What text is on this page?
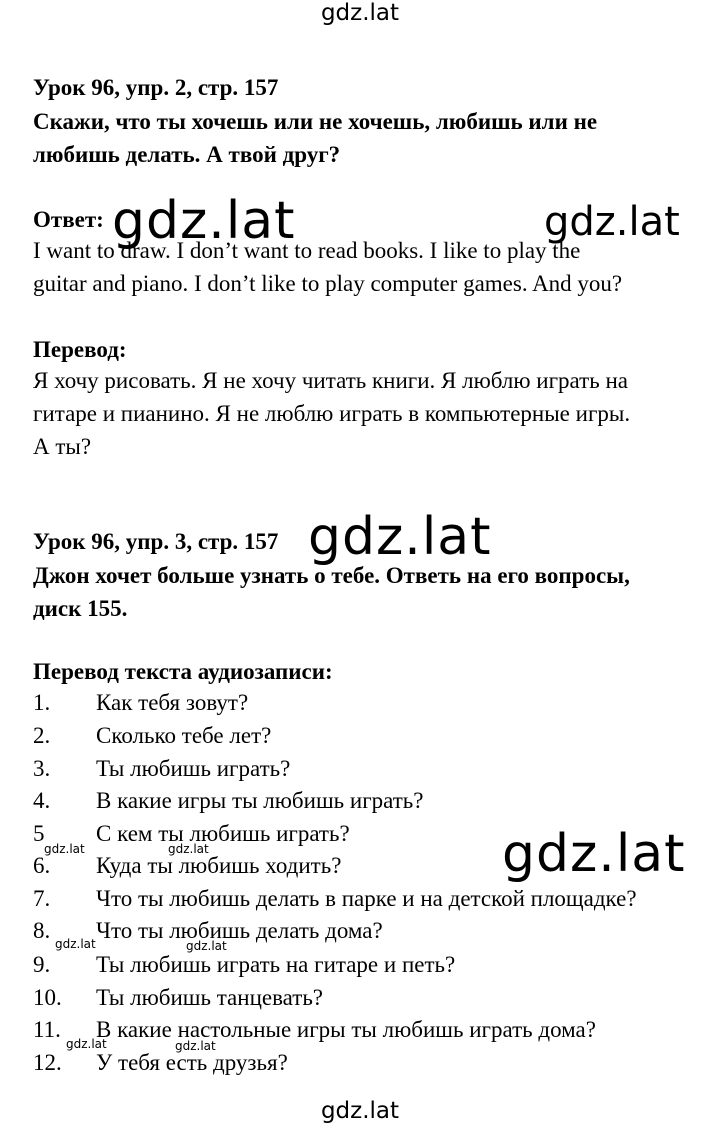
gdz.lat
gdz.lat	gdz.lat
gdz.lat
gdz.lat
gdz.lat	gdz.lat
gdz.lat	gdz.lat
gdz.lat	gdz.lat
gdz.lat
Урок 96, упр. 2, стр. 157
Скажи, что ты хочешь или не хочешь, любишь или не
любишь делать. А твой друг?
Ответ:
I want to draw. I don’t want to read books. I like to play the
guitar and piano. I don’t like to play computer games. And you?
Перевод:
Я хочу рисовать. Я не хочу читать книги. Я люблю играть на
гитаре и пианино. Я не люблю играть в компьютерные игры.
А ты?
Урок 96, упр. 3, стр. 157
Джон хочет больше узнать о тебе. Ответь на его вопросы,
диск 155.
Перевод текста аудиозаписи:
1. Как тебя зовут?
2. Сколько тебе лет?
3. Ты любишь играть?
4. В какие игры ты любишь играть?
5 С кем ты любишь играть?
6. Куда ты любишь ходить?
7. Что ты любишь делать в парке и на детской площадке?
8. Что ты любишь делать дома?
9. Ты любишь играть на гитаре и петь?
10. Ты любишь танцевать?
11. В какие настольные игры ты любишь играть дома?
12. У тебя есть друзья?
